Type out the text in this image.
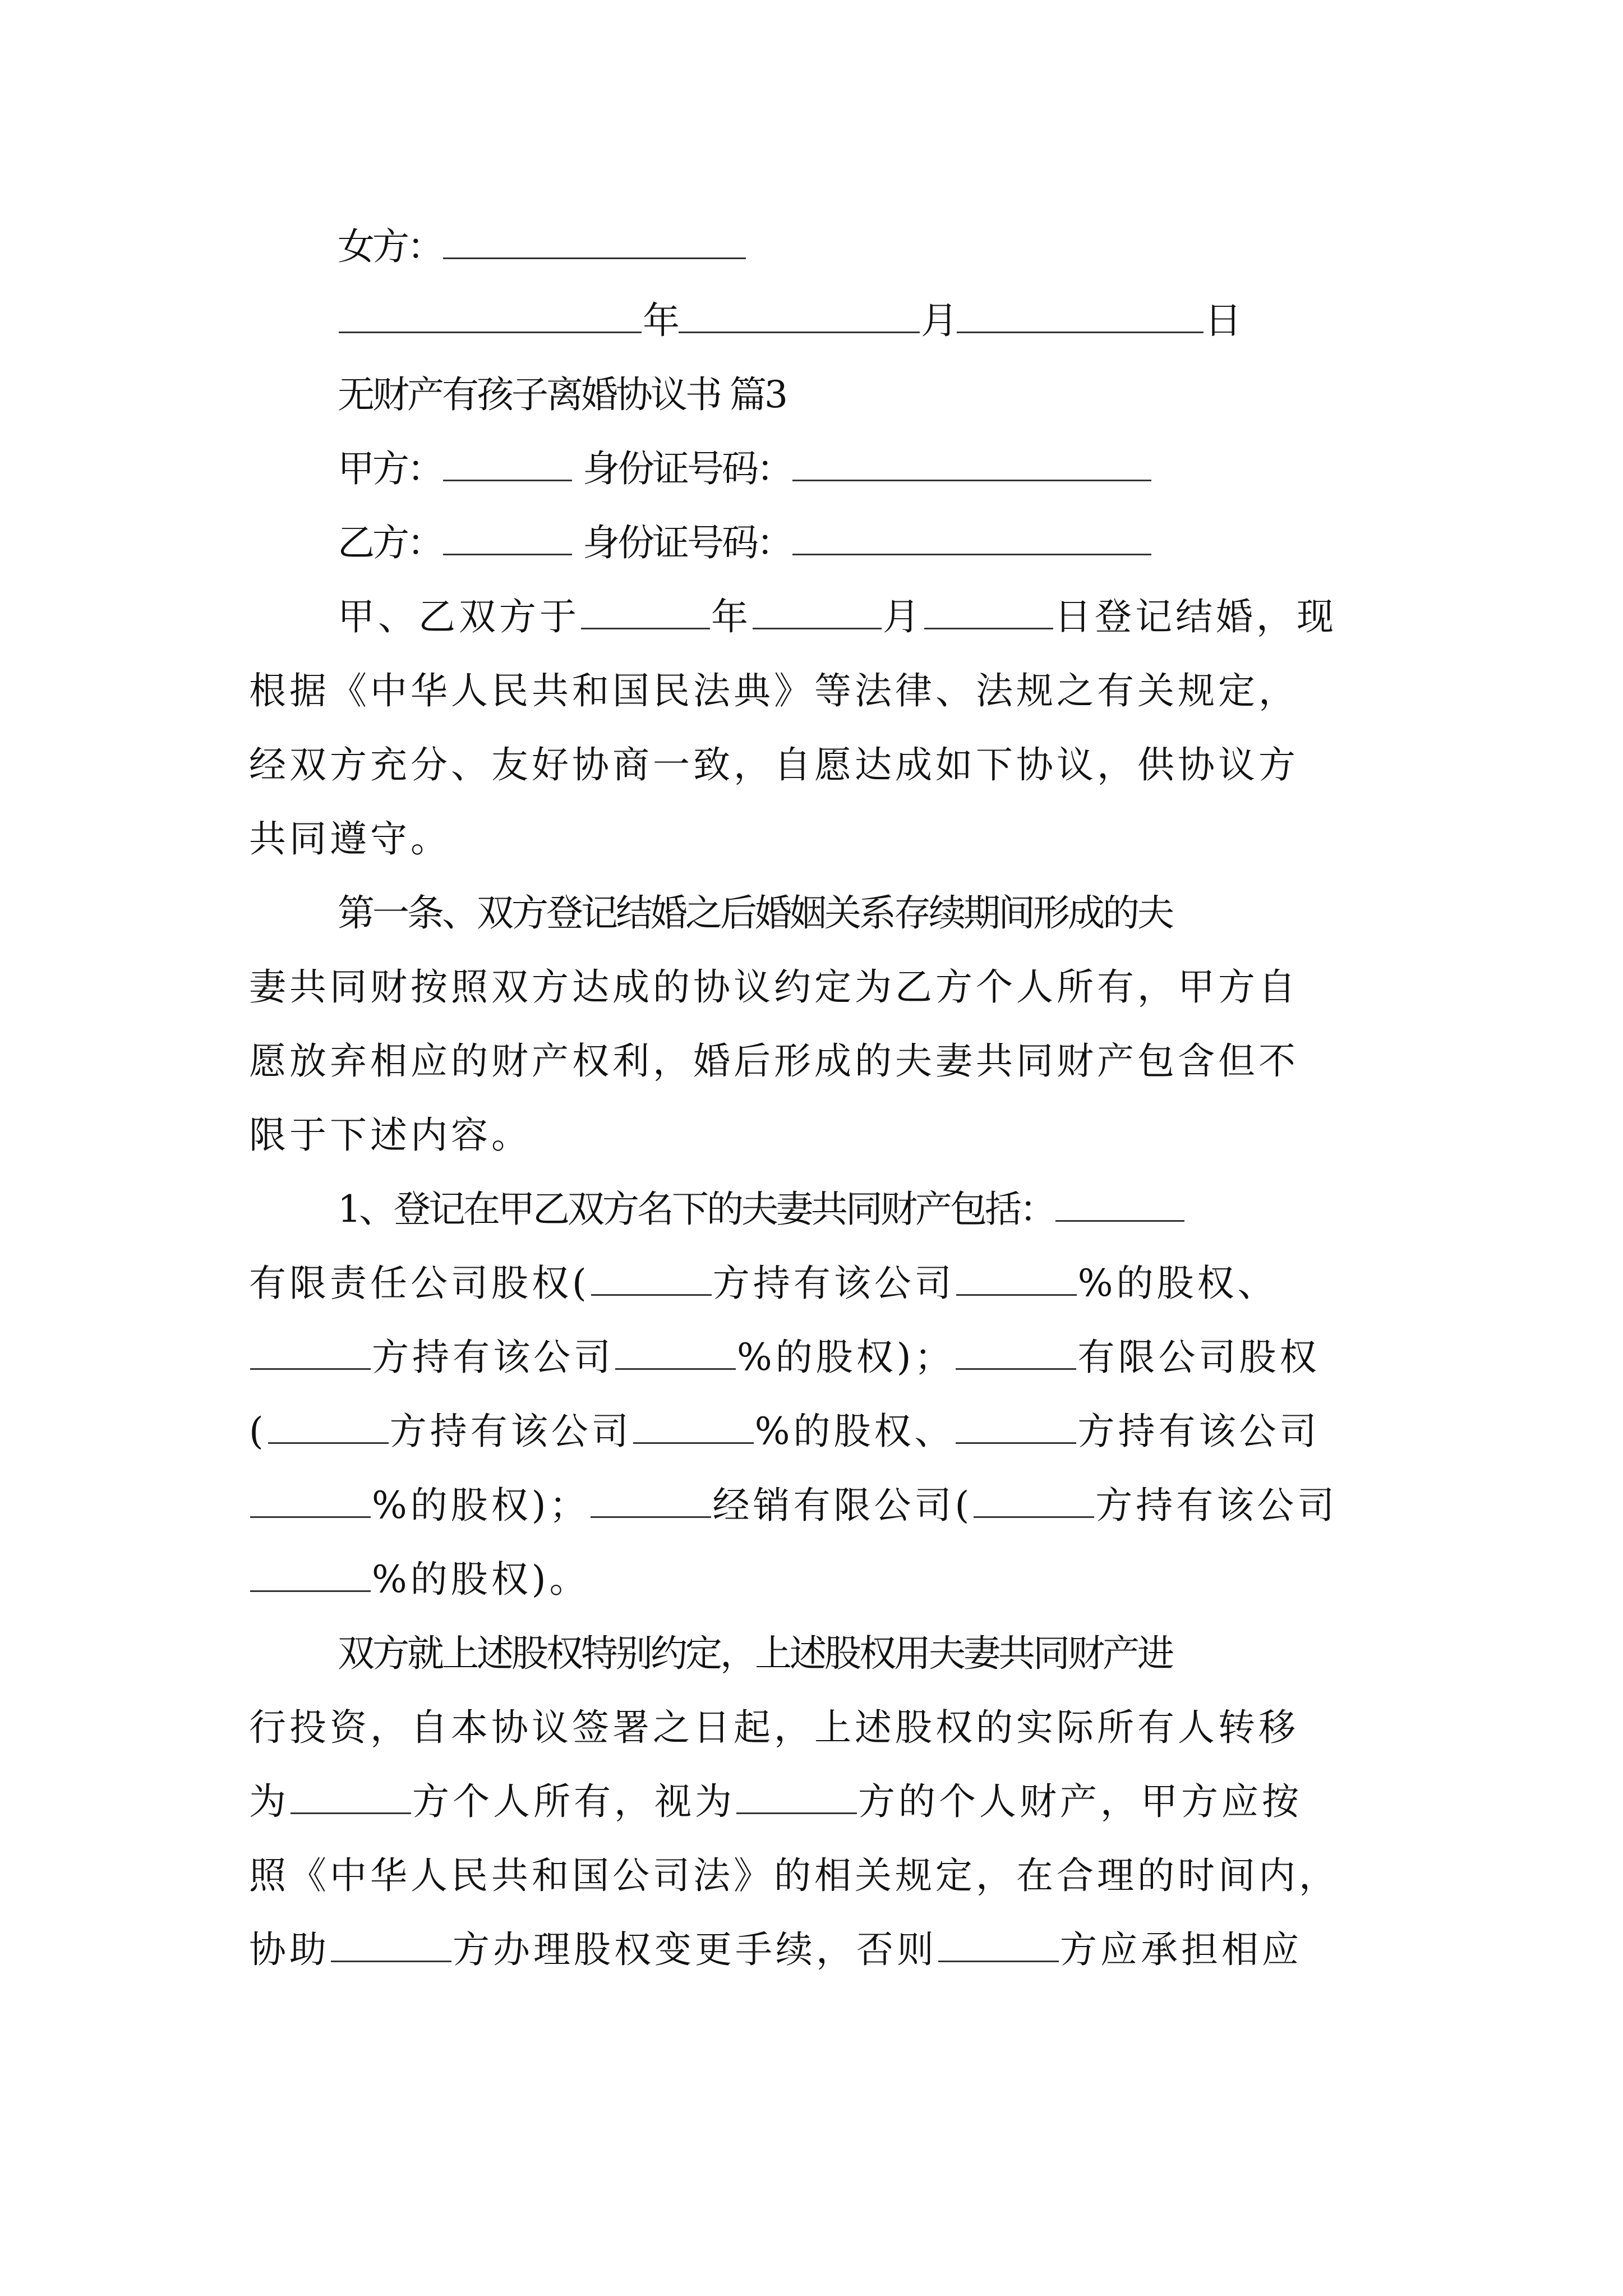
女方：
年	月	日
无财产有孩子离婚协议书 篇3
甲方：	身份证号码：
乙方：	身份证号码：
甲、乙双方于	年	月	日登记结婚，现
根据《中华人民共和国民法典》等法律、法规之有关规定，
经双方充分、友好协商一致，自愿达成如下协议，供协议方
共同遵守。
第一条、双方登记结婚之后婚姻关系存续期间形成的夫
妻共同财按照双方达成的协议约定为乙方个人所有，甲方自
愿放弃相应的财产权利，婚后形成的夫妻共同财产包含但不
限于下述内容。
1、登记在甲乙双方名下的夫妻共同财产包括：
有限责任公司股权(	方持有该公司	%的股权、
方持有该公司	%的股权)；	有限公司股权
(	方持有该公司	%的股权、	方持有该公司
%的股权)；	经销有限公司(	方持有该公司
%的股权)。
双方就上述股权特别约定，上述股权用夫妻共同财产进
行投资，自本协议签署之日起，上述股权的实际所有人转移
为	方个人所有，视为	方的个人财产，甲方应按
照《中华人民共和国公司法》的相关规定，在合理的时间内，
协助	方办理股权变更手续，否则	方应承担相应
